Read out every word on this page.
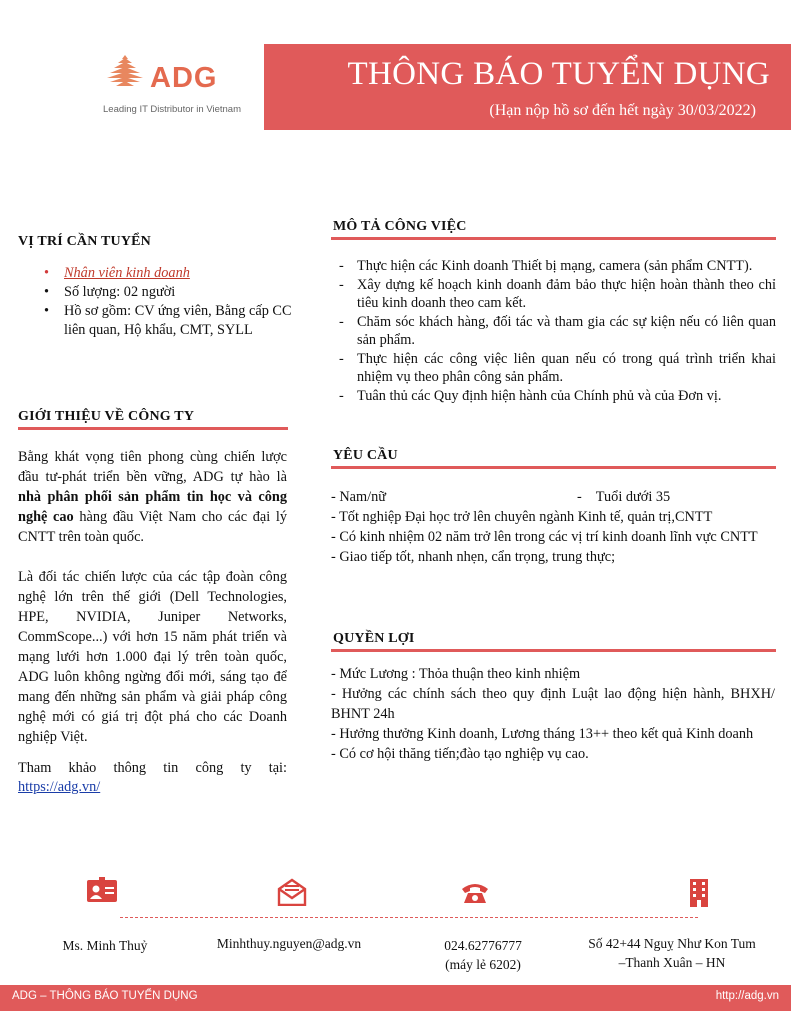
ADG
Leading IT Distributor in Vietnam
THÔNG BÁO TUYỂN DỤNG
(Hạn nộp hồ sơ đến hết ngày 30/03/2022)
VỊ TRÍ CẦN TUYỂN
• Nhân viên kinh doanh
• Số lượng: 02 người
• Hồ sơ gồm: CV ứng viên, Bằng cấp CC liên quan, Hộ khẩu, CMT, SYLL
GIỚI THIỆU VỀ CÔNG TY
Bằng khát vọng tiên phong cùng chiến lược đầu tư-phát triển bền vững, ADG tự hào là nhà phân phối sản phẩm tin học và công nghệ cao hàng đầu Việt Nam cho các đại lý CNTT trên toàn quốc.
Là đối tác chiến lược của các tập đoàn công nghệ lớn trên thế giới (Dell Technologies, HPE, NVIDIA, Juniper Networks, CommScope...) với hơn 15 năm phát triển và mạng lưới hơn 1.000 đại lý trên toàn quốc, ADG luôn không ngừng đổi mới, sáng tạo để mang đến những sản phẩm và giải pháp công nghệ mới có giá trị đột phá cho các Doanh nghiệp Việt.
Tham khảo thông tin công ty tại:
https://adg.vn/
MÔ TẢ CÔNG VIỆC
- Thực hiện các Kinh doanh Thiết bị mạng, camera (sản phẩm CNTT).
- Xây dựng kế hoạch kinh doanh đảm bảo thực hiện hoàn thành theo chỉ tiêu kinh doanh theo cam kết.
- Chăm sóc khách hàng, đối tác và tham gia các sự kiện nếu có liên quan sản phẩm.
- Thực hiện các công việc liên quan nếu có trong quá trình triển khai nhiệm vụ theo phân công sản phẩm.
- Tuân thủ các Quy định hiện hành của Chính phủ và của Đơn vị.
YÊU CẦU
- Nam/nữ	-    Tuổi dưới 35
- Tốt nghiệp Đại học trở lên chuyên ngành Kinh tế, quản trị,CNTT
- Có kinh nhiệm 02 năm trở lên trong các vị trí kinh doanh lĩnh vực CNTT
- Giao tiếp tốt, nhanh nhẹn, cẩn trọng, trung thực;
QUYỀN LỢI
- Mức Lương : Thỏa thuận theo kinh nhiệm
- Hưởng các chính sách theo quy định Luật lao động hiện hành, BHXH/ BHNT 24h
- Hưởng thưởng Kinh doanh, Lương tháng 13++ theo kết quả Kinh doanh
- Có cơ hội thăng tiến;đào tạo nghiệp vụ cao.
Ms. Minh Thuỷ	Minhthuy.nguyen@adg.vn	024.62776777
(máy lẻ 6202)
Số 42+44 Nguỵ Như Kon Tum
–Thanh Xuân – HN
ADG – THÔNG BÁO TUYỂN DỤNG	http://adg.vn
